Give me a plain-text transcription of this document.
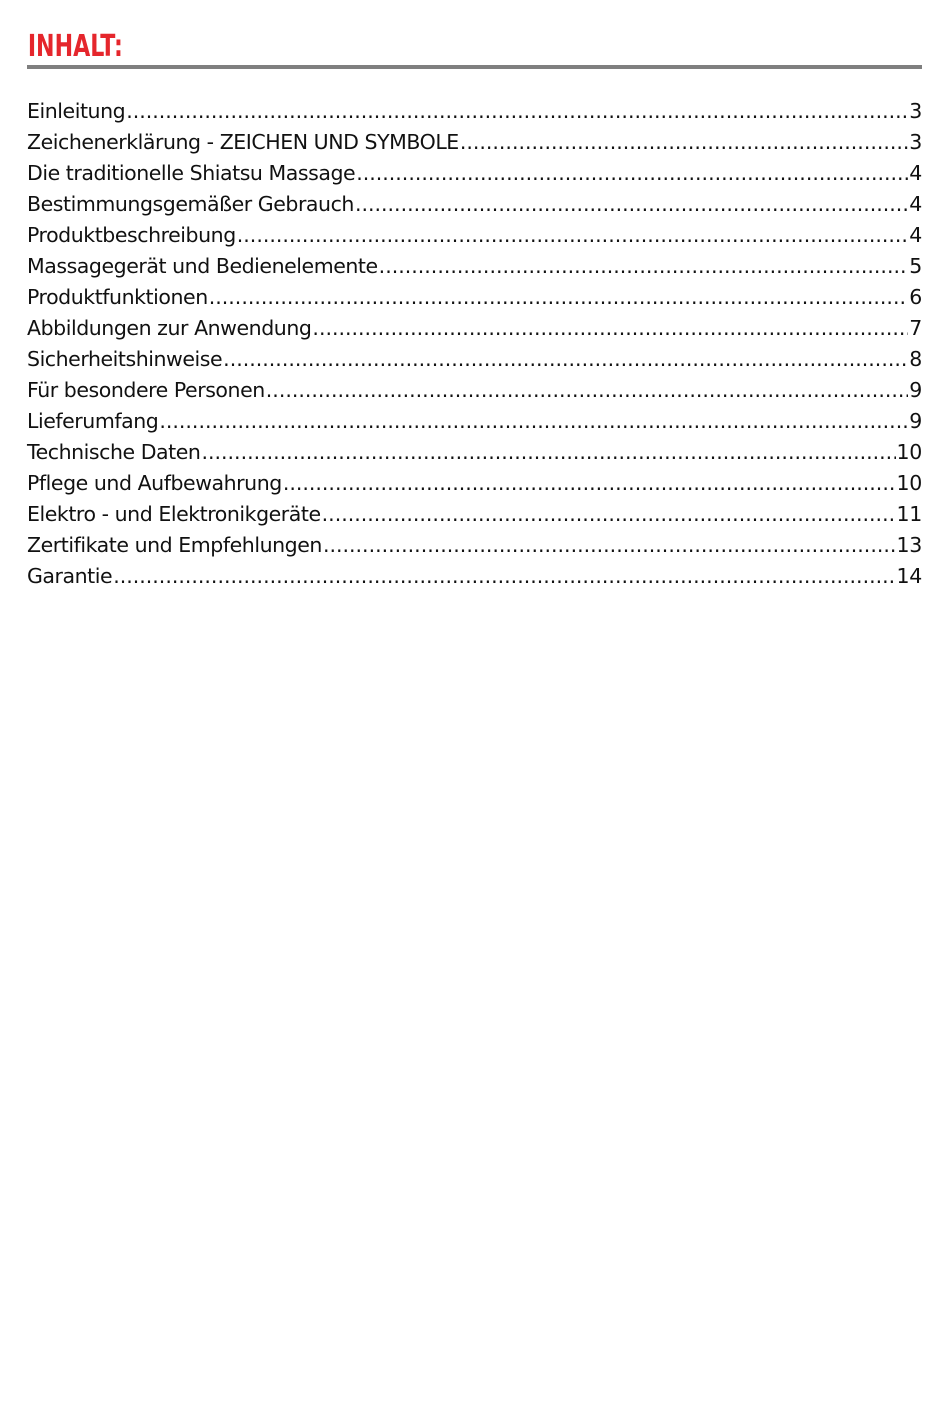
INHALT:
Einleitung .....	3
Zeichenerklärung - ZEICHEN UND SYMBOLE .....	3
Die traditionelle Shiatsu Massage .....	4
Bestimmungsgemäßer Gebrauch .....	4
Produktbeschreibung .....	4
Massagegerät und Bedienelemente .....	5
Produktfunktionen .....	6
Abbildungen zur Anwendung .....	7
Sicherheitshinweise .....	8
Für besondere Personen .....	9
Lieferumfang .....	9
Technische Daten .....	10
Pflege und Aufbewahrung .....	10
Elektro - und Elektronikgeräte .....	11
Zertifikate und Empfehlungen .....	13
Garantie .....	14
